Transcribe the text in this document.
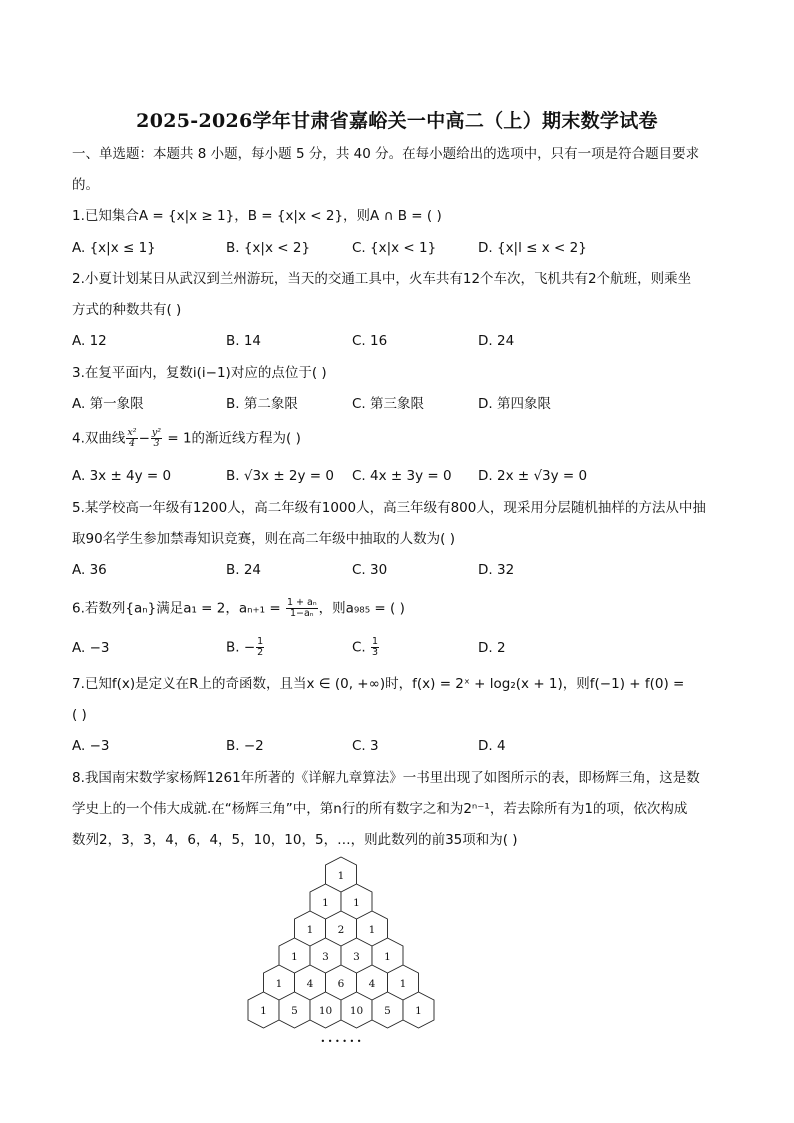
2025-2026学年甘肃省嘉峪关一中高二（上）期末数学试卷
一、单选题：本题共 8 小题，每小题 5 分，共 40 分。在每小题给出的选项中，只有一项是符合题目要求
的。
1.已知集合A = {x|x ≥ 1}，B = {x|x < 2}，则A ∩ B = ( )
A. {x|x ≤ 1}	B. {x|x < 2}	C. {x|x < 1}	D. {x|l ≤ x < 2}
2.小夏计划某日从武汉到兰州游玩，当天的交通工具中，火车共有12个车次，飞机共有2个航班，则乘坐
方式的种数共有( )
A. 12	B. 14	C. 16	D. 24
3.在复平面内，复数i(i−1)对应的点位于( )
A. 第一象限	B. 第二象限	C. 第三象限	D. 第四象限
4.双曲线 $\frac{\text{x²}}{4} - \frac{\text{y²}}{3} = 1$的渐近线方程为( )
A. 3x ± 4y = 0	B. √3x ± 2y = 0 C. 4x ± 3y = 0 D. 2x ± √3y = 0
5.某学校高一年级有1200人，高二年级有1000人，高三年级有800人，现采用分层随机抽样的方法从中抽
取90名学生参加禁毒知识竞赛，则在高二年级中抽取的人数为( )
A. 36	B. 24	C. 30	D. 32
6.若数列{aₙ}满足a₁ = 2，$a_{n+1} = \frac{\text{1 + aₙ}}{\text{1−aₙ}}$ ，则a₉₈₅ = ( )
A. −3	B. − $\frac{1}{2}$	C. $\frac{1}{3}$	D. 2
7.已知f(x)是定义在R上的奇函数，且当x ∈ (0, +∞)时，f(x) = 2ˣ + log₂(x + 1)，则f(−1) + f(0) =
( )
A. −3	B. −2	C. 3	D. 4
8.我国南宋数学家杨辉1261年所著的《详解九章算法》一书里出现了如图所示的表，即杨辉三角，这是数
学史上的一个伟大成就.在“杨辉三角”中，第n行的所有数字之和为2ⁿ⁻¹，若去除所有为1的项，依次构成
数列2，3，3，4，6，4，5，10，10，5，…，则此数列的前35项和为( )
1
1 1
1 2 1
1 3 3 1
1 4 6 4 1
1 5 10 10 5 1
• • • • • •
